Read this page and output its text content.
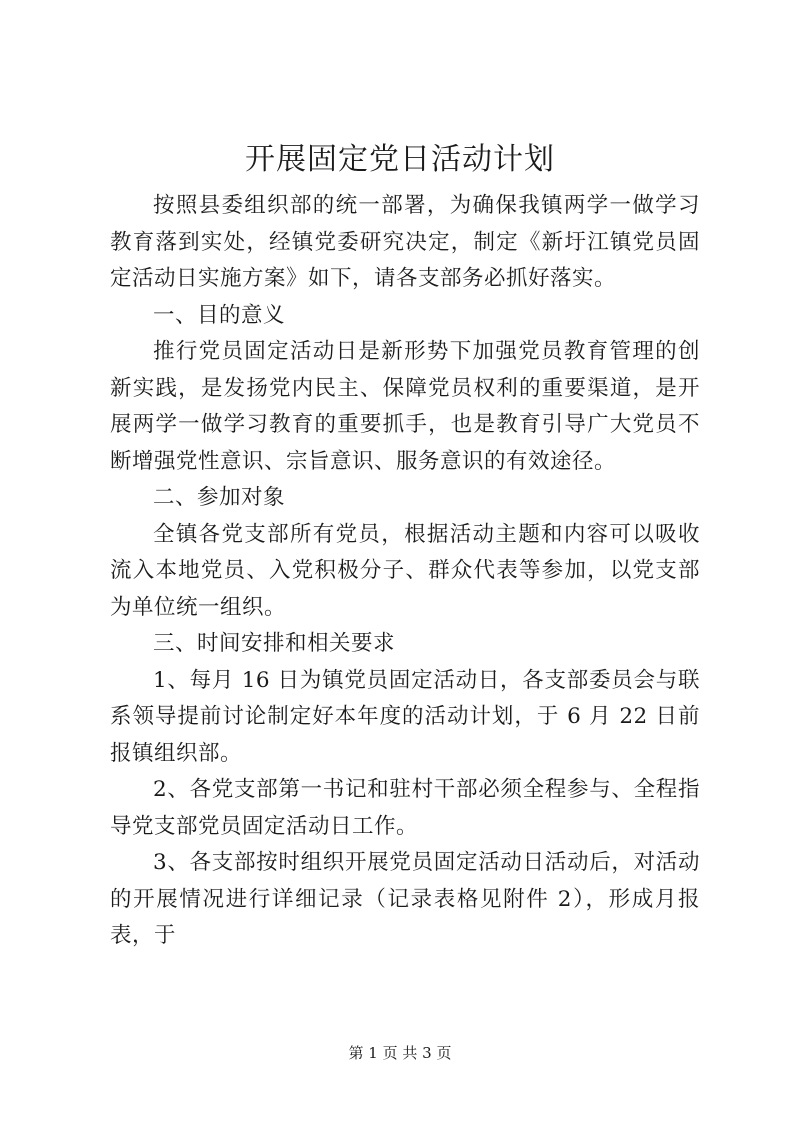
开展固定党日活动计划

按照县委组织部的统一部署，为确保我镇两学一做学习教育落到实处，经镇党委研究决定，制定《新圩江镇党员固定活动日实施方案》如下，请各支部务必抓好落实。

一、目的意义

推行党员固定活动日是新形势下加强党员教育管理的创新实践，是发扬党内民主、保障党员权利的重要渠道，是开展两学一做学习教育的重要抓手，也是教育引导广大党员不断增强党性意识、宗旨意识、服务意识的有效途径。

二、参加对象

全镇各党支部所有党员，根据活动主题和内容可以吸收流入本地党员、入党积极分子、群众代表等参加，以党支部为单位统一组织。

三、时间安排和相关要求

1、每月 16 日为镇党员固定活动日，各支部委员会与联系领导提前讨论制定好本年度的活动计划，于 6 月 22 日前报镇组织部。

2、各党支部第一书记和驻村干部必须全程参与、全程指导党支部党员固定活动日工作。

3、各支部按时组织开展党员固定活动日活动后，对活动的开展情况进行详细记录（记录表格见附件 2），形成月报表，于

第 1 页 共 3 页
